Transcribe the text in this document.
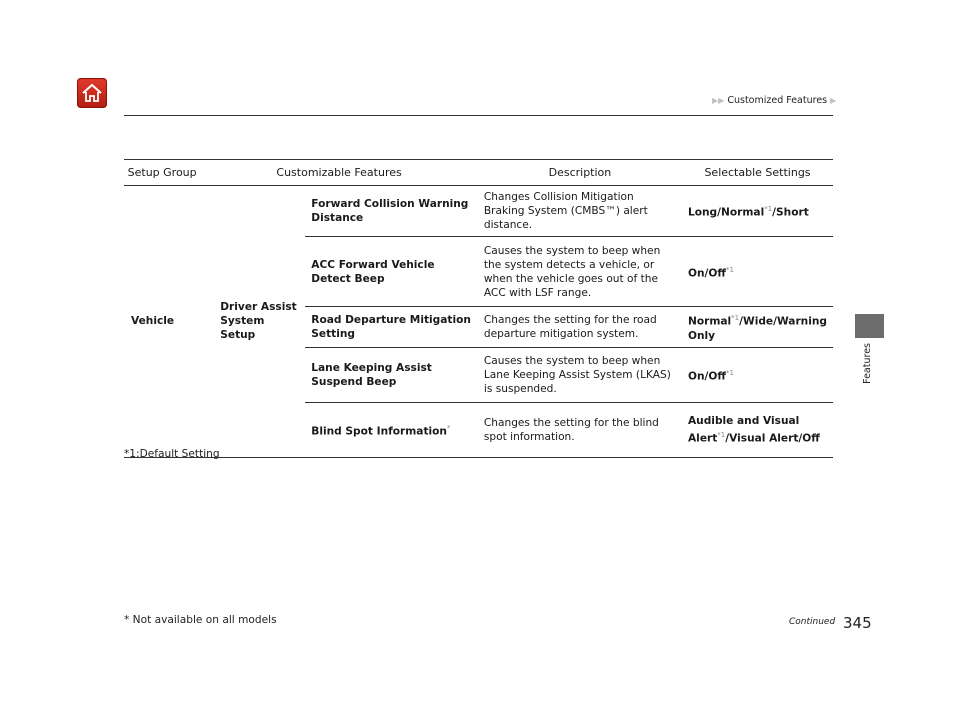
▶▶ Customized Features ▶
Features
Setup Group	Customizable Features		Description	Selectable Settings
Vehicle	Driver Assist System Setup	Forward Collision Warning Distance	Changes Collision Mitigation Braking System (CMBS™) alert distance.	Long/Normal$^{*1}$/Short
		ACC Forward Vehicle Detect Beep	Causes the system to beep when the system detects a vehicle, or when the vehicle goes out of the ACC with LSF range.	On/Off$^{*1}$
		Road Departure Mitigation Setting	Changes the setting for the road departure mitigation system.	Normal$^{*1}$/Wide/Warning Only
		Lane Keeping Assist Suspend Beep	Causes the system to beep when Lane Keeping Assist System (LKAS) is suspended.	On/Off$^{*1}$
		Blind Spot Information*	Changes the setting for the blind spot information.	Audible and Visual Alert$^{*1}$/Visual Alert/Off
*1:Default Setting
* Not available on all models	Continued 345
